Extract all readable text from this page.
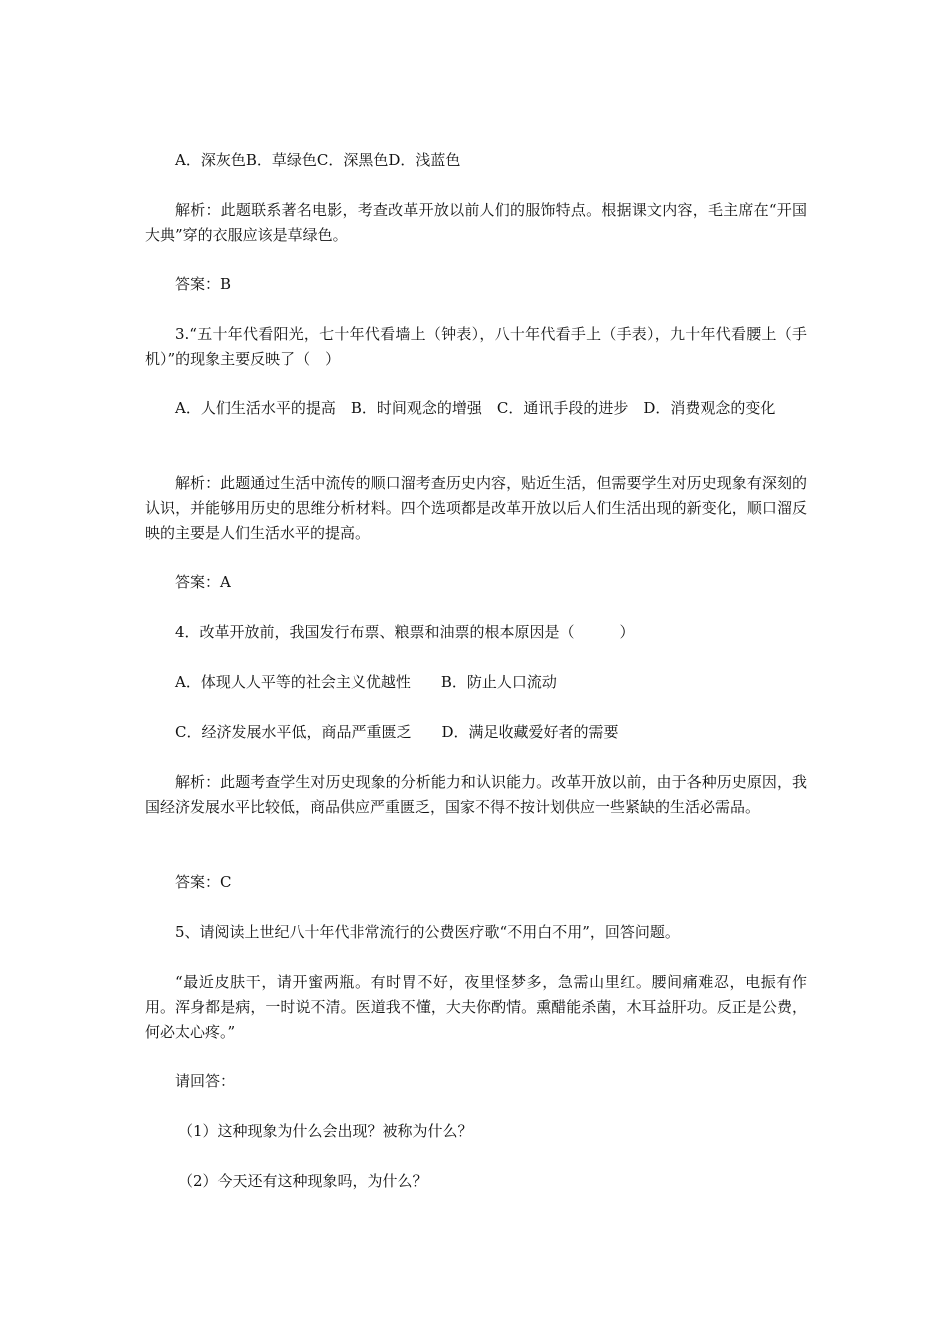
A．深灰色B．草绿色C．深黑色D．浅蓝色
解析：此题联系著名电影，考查改革开放以前人们的服饰特点。根据课文内容，毛主席在“开国大典”穿的衣服应该是草绿色。
答案：B
3.“五十年代看阳光，七十年代看墙上（钟表），八十年代看手上（手表），九十年代看腰上（手机）”的现象主要反映了（　）
A．人们生活水平的提高　B．时间观念的增强　C．通讯手段的进步　D．消费观念的变化
解析：此题通过生活中流传的顺口溜考查历史内容，贴近生活，但需要学生对历史现象有深刻的认识，并能够用历史的思维分析材料。四个选项都是改革开放以后人们生活出现的新变化，顺口溜反映的主要是人们生活水平的提高。
答案：A
4．改革开放前，我国发行布票、粮票和油票的根本原因是（　　　）
A．体现人人平等的社会主义优越性　　B．防止人口流动
C．经济发展水平低，商品严重匮乏　　D．满足收藏爱好者的需要
解析：此题考查学生对历史现象的分析能力和认识能力。改革开放以前，由于各种历史原因，我国经济发展水平比较低，商品供应严重匮乏，国家不得不按计划供应一些紧缺的生活必需品。
答案：C
5、请阅读上世纪八十年代非常流行的公费医疗歌“不用白不用”，回答问题。
“最近皮肤干，请开蜜两瓶。有时胃不好，夜里怪梦多，急需山里红。腰间痛难忍，电振有作用。浑身都是病，一时说不清。医道我不懂，大夫你酌情。熏醋能杀菌，木耳益肝功。反正是公费，何必太心疼。”
请回答：
（1）这种现象为什么会出现？被称为什么？
（2）今天还有这种现象吗，为什么？
